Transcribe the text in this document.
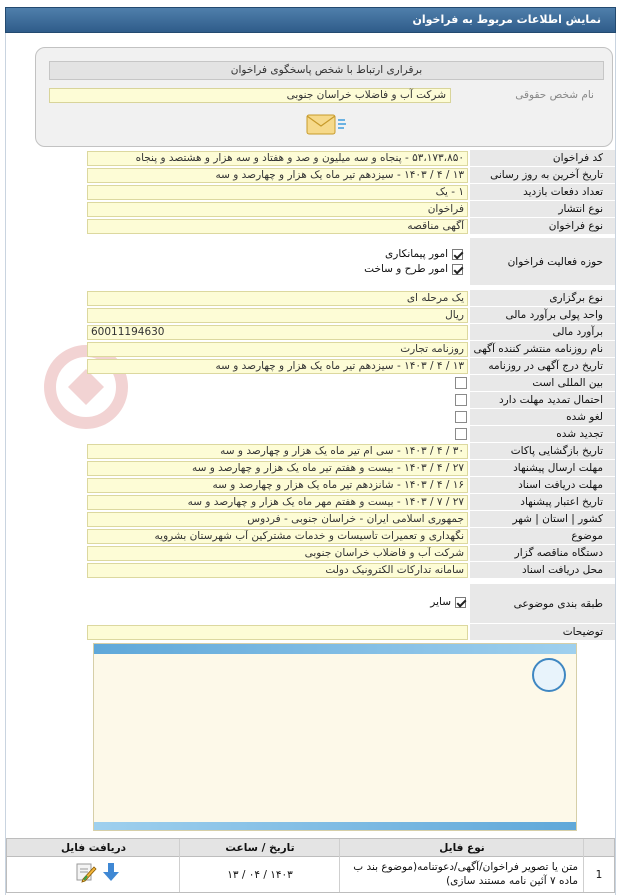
نمایش اطلاعات مربوط به فراخوان
برقراری ارتباط با شخص پاسخگوی فراخوان
نام شخص حقوقی
شرکت آب و فاضلاب خراسان جنوبی
کد فراخوان
۵۳،۱۷۳،۸۵۰ - پنجاه و سه میلیون و صد و هفتاد و سه هزار و هشتصد و پنجاه
تاریخ آخرین به روز رسانی
۱۳ / ۴ / ۱۴۰۳ - سیزدهم تیر ماه یک هزار و چهارصد و سه
تعداد دفعات بازدید
۱ - یک
نوع انتشار
فراخوان
نوع فراخوان
آگهی مناقصه
حوزه فعالیت فراخوان
امور پیمانکاری
امور طرح و ساخت
نوع برگزاری
یک مرحله ای
واحد پولی برآورد مالی
ریال
برآورد مالی
60011194630
نام روزنامه منتشر کننده آگهی
روزنامه تجارت
تاریخ درج آگهی در روزنامه
۱۳ / ۴ / ۱۴۰۳ - سیزدهم تیر ماه یک هزار و چهارصد و سه
بین المللی است
احتمال تمدید مهلت دارد
لغو شده
تجدید شده
تاریخ بازگشایی پاکات
۳۰ / ۴ / ۱۴۰۳ - سی ام تیر ماه یک هزار و چهارصد و سه
مهلت ارسال پیشنهاد
۲۷ / ۴ / ۱۴۰۳ - بیست و هفتم تیر ماه یک هزار و چهارصد و سه
مهلت دریافت اسناد
۱۶ / ۴ / ۱۴۰۳ - شانزدهم تیر ماه یک هزار و چهارصد و سه
تاریخ اعتبار پیشنهاد
۲۷ / ۷ / ۱۴۰۳ - بیست و هفتم مهر ماه یک هزار و چهارصد و سه
کشور | استان | شهر
جمهوری اسلامی ایران - خراسان جنوبی - فردوس
موضوع
نگهداری و تعمیرات تأسیسات و خدمات مشترکین آب شهرستان بشرویه
دستگاه مناقصه گزار
شرکت آب و فاضلاب خراسان جنوبی
محل دریافت اسناد
سامانه تدارکات الکترونیک دولت
طبقه بندی موضوعی
سایر
توضیحات
نوع فایل
تاریخ / ساعت
دریافت فایل
1
متن یا تصویر فراخوان/آگهی/دعوتنامه(موضوع بند ب ماده ۷ آئین نامه مستند سازی)
۱۳ / ۰۴ / ۱۴۰۳
